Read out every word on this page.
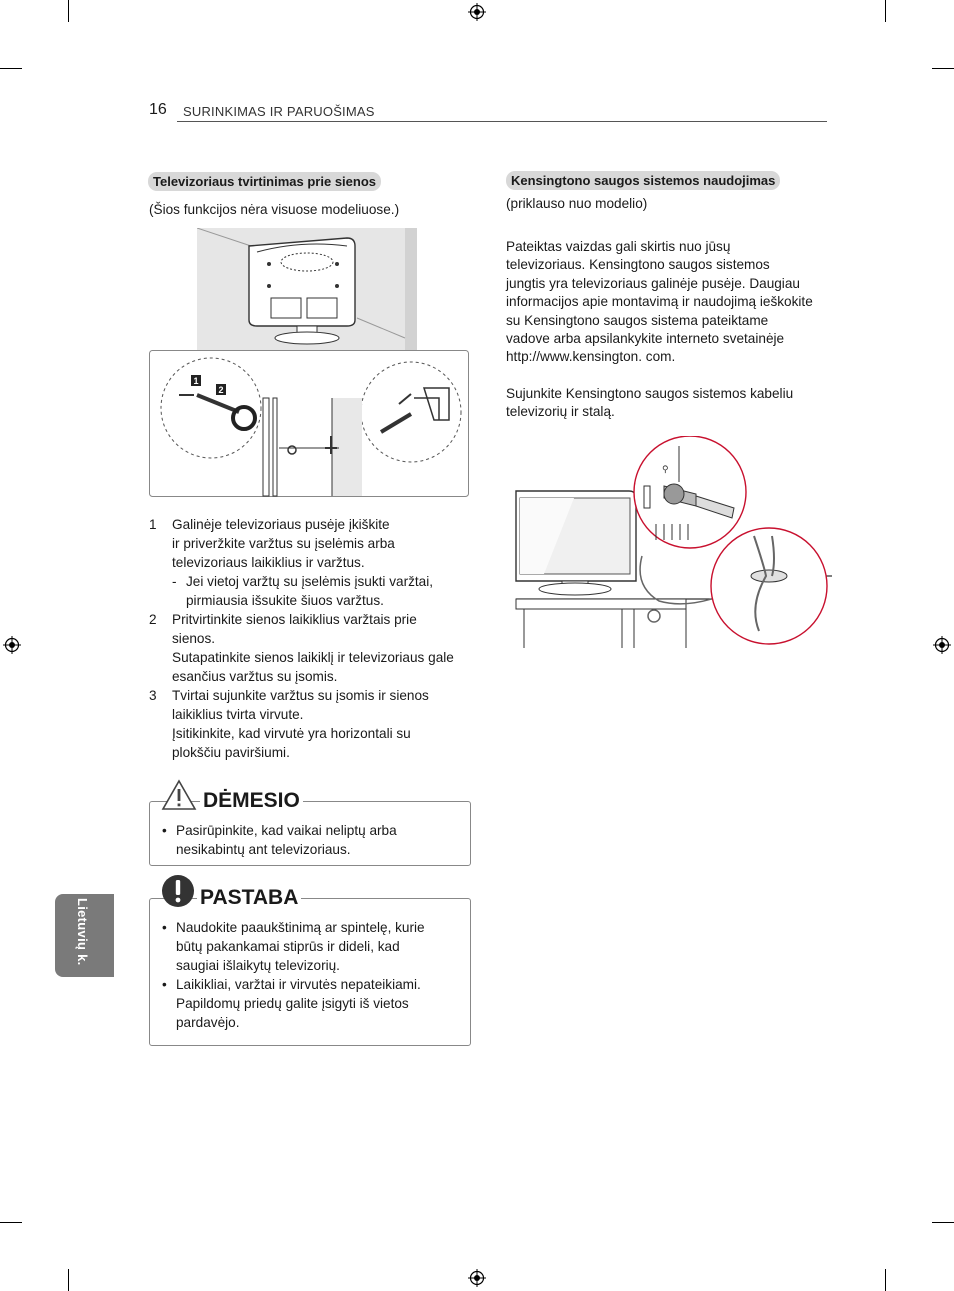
16 SURINKIMAS IR PARUOŠIMAS
Televizoriaus tvirtinimas prie sienos
(Šios funkcijos nėra visuose modeliuose.)
1
2
1 Galinėje televizoriaus pusėje įkiškite
ir priveržkite varžtus su įselėmis arba
televizoriaus laikiklius ir varžtus.
- Jei vietoj varžtų su įselėmis įsukti varžtai,
pirmiausia išsukite šiuos varžtus.
2 Pritvirtinkite sienos laikiklius varžtais prie
sienos.
Sutapatinkite sienos laikiklį ir televizoriaus gale
esančius varžtus su įsomis.
3 Tvirtai sujunkite varžtus su įsomis ir sienos
laikiklius tvirta virvute.
Įsitikinkite, kad virvutė yra horizontali su
plokščiu paviršiumi.
DĖMESIO
• Pasirūpinkite, kad vaikai neliptų arba
nesikabintų ant televizoriaus.
PASTABA
• Naudokite paaukštinimą ar spintelę, kurie
būtų pakankamai stiprūs ir dideli, kad
saugiai išlaikytų televizorių.
• Laikikliai, varžtai ir virvutės nepateikiami.
Papildomų priedų galite įsigyti iš vietos
pardavėjo.
Lietuvių k.
Kensingtono saugos sistemos naudojimas
(priklauso nuo modelio)
Pateiktas vaizdas gali skirtis nuo jūsų
televizoriaus. Kensingtono saugos sistemos
jungtis yra televizoriaus galinėje pusėje. Daugiau
informacijos apie montavimą ir naudojimą ieškokite
su Kensingtono saugos sistema pateiktame
vadove arba apsilankykite interneto svetainėje
http://www.kensington. com.
Sujunkite Kensingtono saugos sistemos kabeliu
televizorių ir stalą.
⚲
